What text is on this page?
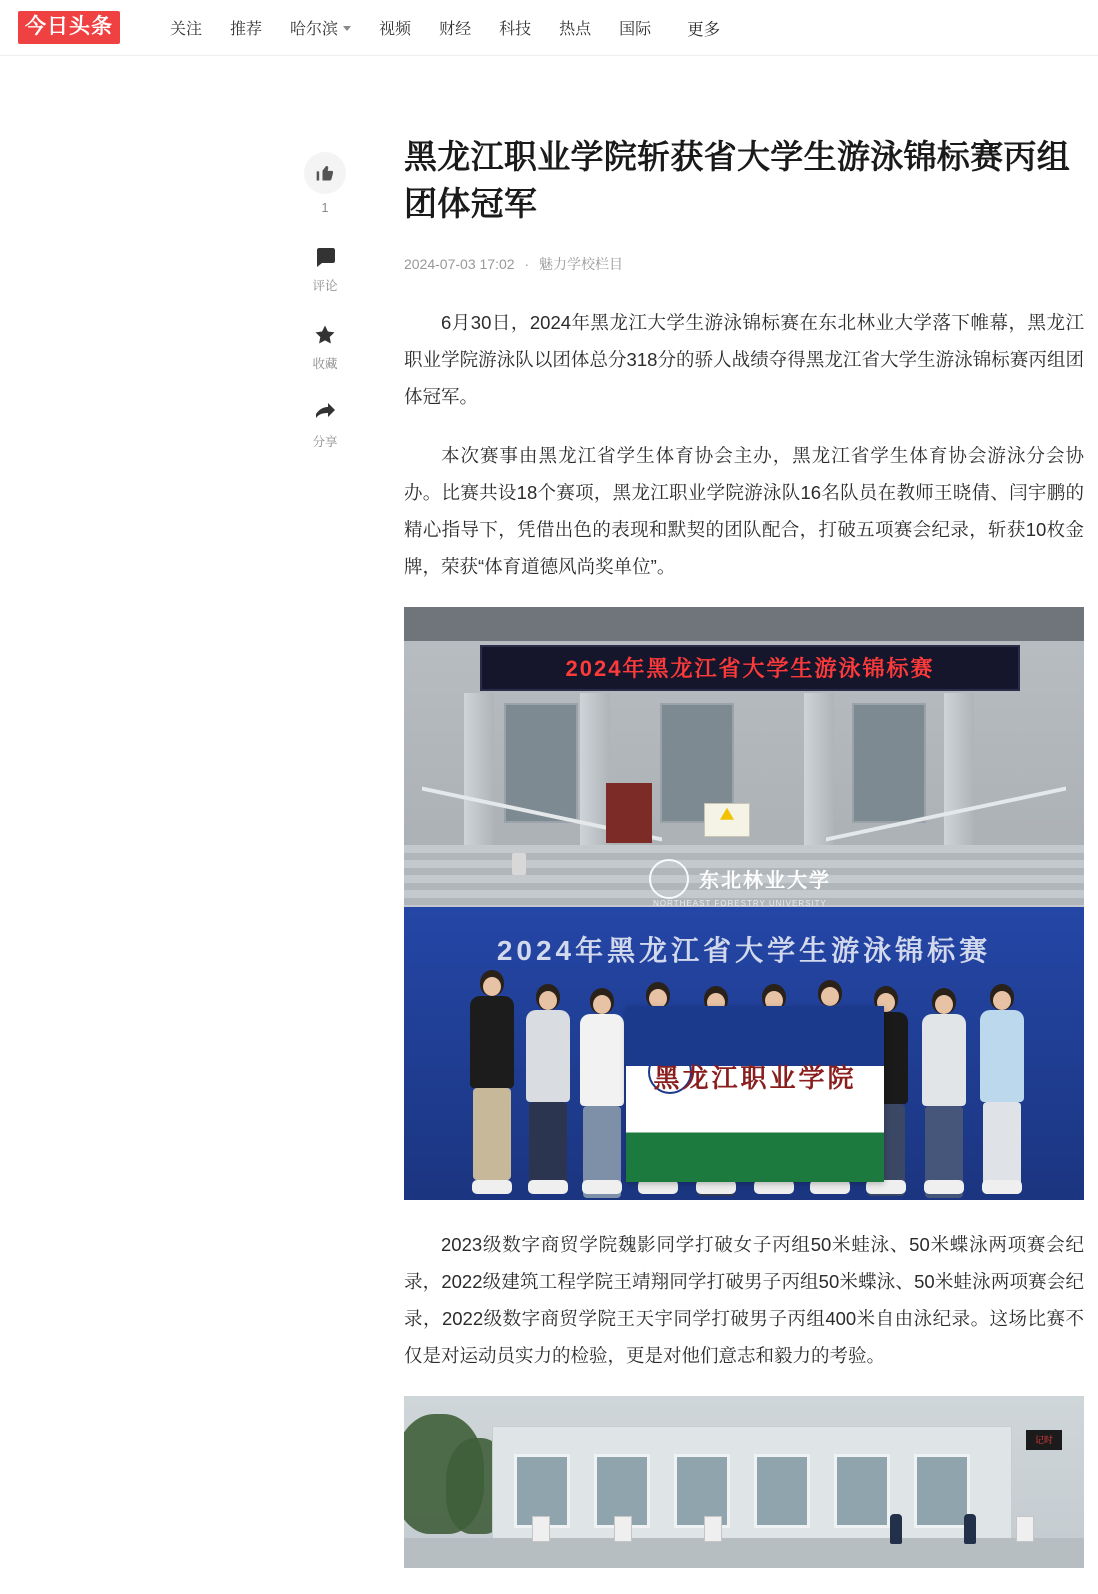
今日头条	关注 推荐 哈尔滨	视频 财经 科技 热点 国际 更多
1
评论
收藏
分享
黑龙江职业学院斩获省大学生游泳锦标赛丙组团体冠军
2024-07-03 17:02 · 魅力学校栏目

6月30日，2024年黑龙江大学生游泳锦标赛在东北林业大学落下帷幕，黑龙江职业学院游泳队以团体总分318分的骄人战绩夺得黑龙江省大学生游泳锦标赛丙组团体冠军。

本次赛事由黑龙江省学生体育协会主办，黑龙江省学生体育协会游泳分会协办。比赛共设18个赛项，黑龙江职业学院游泳队16名队员在教师王晓倩、闫宇鹏的精心指导下，凭借出色的表现和默契的团队配合，打破五项赛会纪录，斩获10枚金牌，荣获“体育道德风尚奖单位”。

2024年黑龙江省大学生游泳锦标赛
东北林业大学
NORTHEAST FORESTRY UNIVERSITY
2024年黑龙江省大学生游泳锦标赛
黑龙江职业学院

2023级数字商贸学院魏影同学打破女子丙组50米蛙泳、50米蝶泳两项赛会纪录，2022级建筑工程学院王靖翔同学打破男子丙组50米蝶泳、50米蛙泳两项赛会纪录，2022级数字商贸学院王天宇同学打破男子丙组400米自由泳纪录。这场比赛不仅是对运动员实力的检验，更是对他们意志和毅力的考验。

记时
